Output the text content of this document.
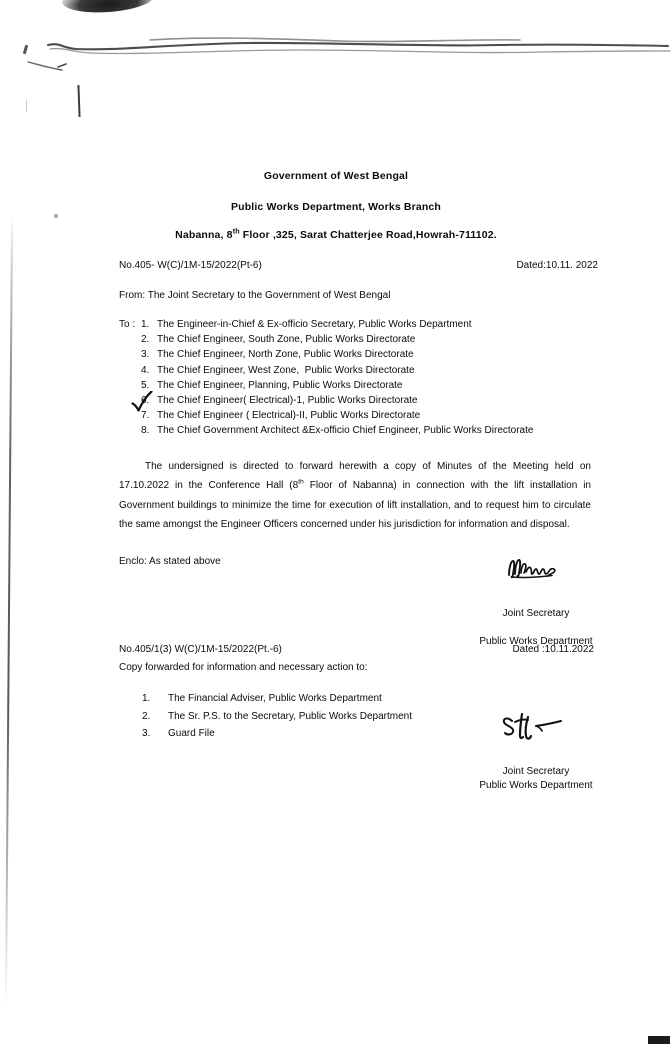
Government of West Bengal
Public Works Department, Works Branch
Nabanna, 8th Floor ,325, Sarat Chatterjee Road,Howrah-711102.
No.405- W(C)/1M-15/2022(Pt-6)	Dated:10.11. 2022
From: The Joint Secretary to the Government of West Bengal
To : 1. The Engineer-in-Chief & Ex-officio Secretary, Public Works Department
2. The Chief Engineer, South Zone, Public Works Directorate
3. The Chief Engineer, North Zone, Public Works Directorate
4. The Chief Engineer, West Zone,  Public Works Directorate
5. The Chief Engineer, Planning, Public Works Directorate
6. The Chief Engineer( Electrical)-1, Public Works Directorate
7. The Chief Engineer ( Electrical)-II, Public Works Directorate
8. The Chief Government Architect &Ex-officio Chief Engineer, Public Works Directorate
The undersigned is directed to forward herewith a copy of Minutes of the Meeting held on 17.10.2022 in the Conference Hall (8th Floor of Nabanna) in connection with the lift installation in Government buildings to minimize the time for execution of lift installation, and to request him to circulate the same amongst the Engineer Officers concerned under his jurisdiction for information and disposal.
Enclo: As stated above
Joint Secretary
Public Works Department
No.405/1(3) W(C)/1M-15/2022(Pt.-6)	Dated :10.11.2022
Copy forwarded for information and necessary action to:
1.	The Financial Adviser, Public Works Department
2.	The Sr. P.S. to the Secretary, Public Works Department
3.	Guard File
Joint Secretary
Public Works Department
